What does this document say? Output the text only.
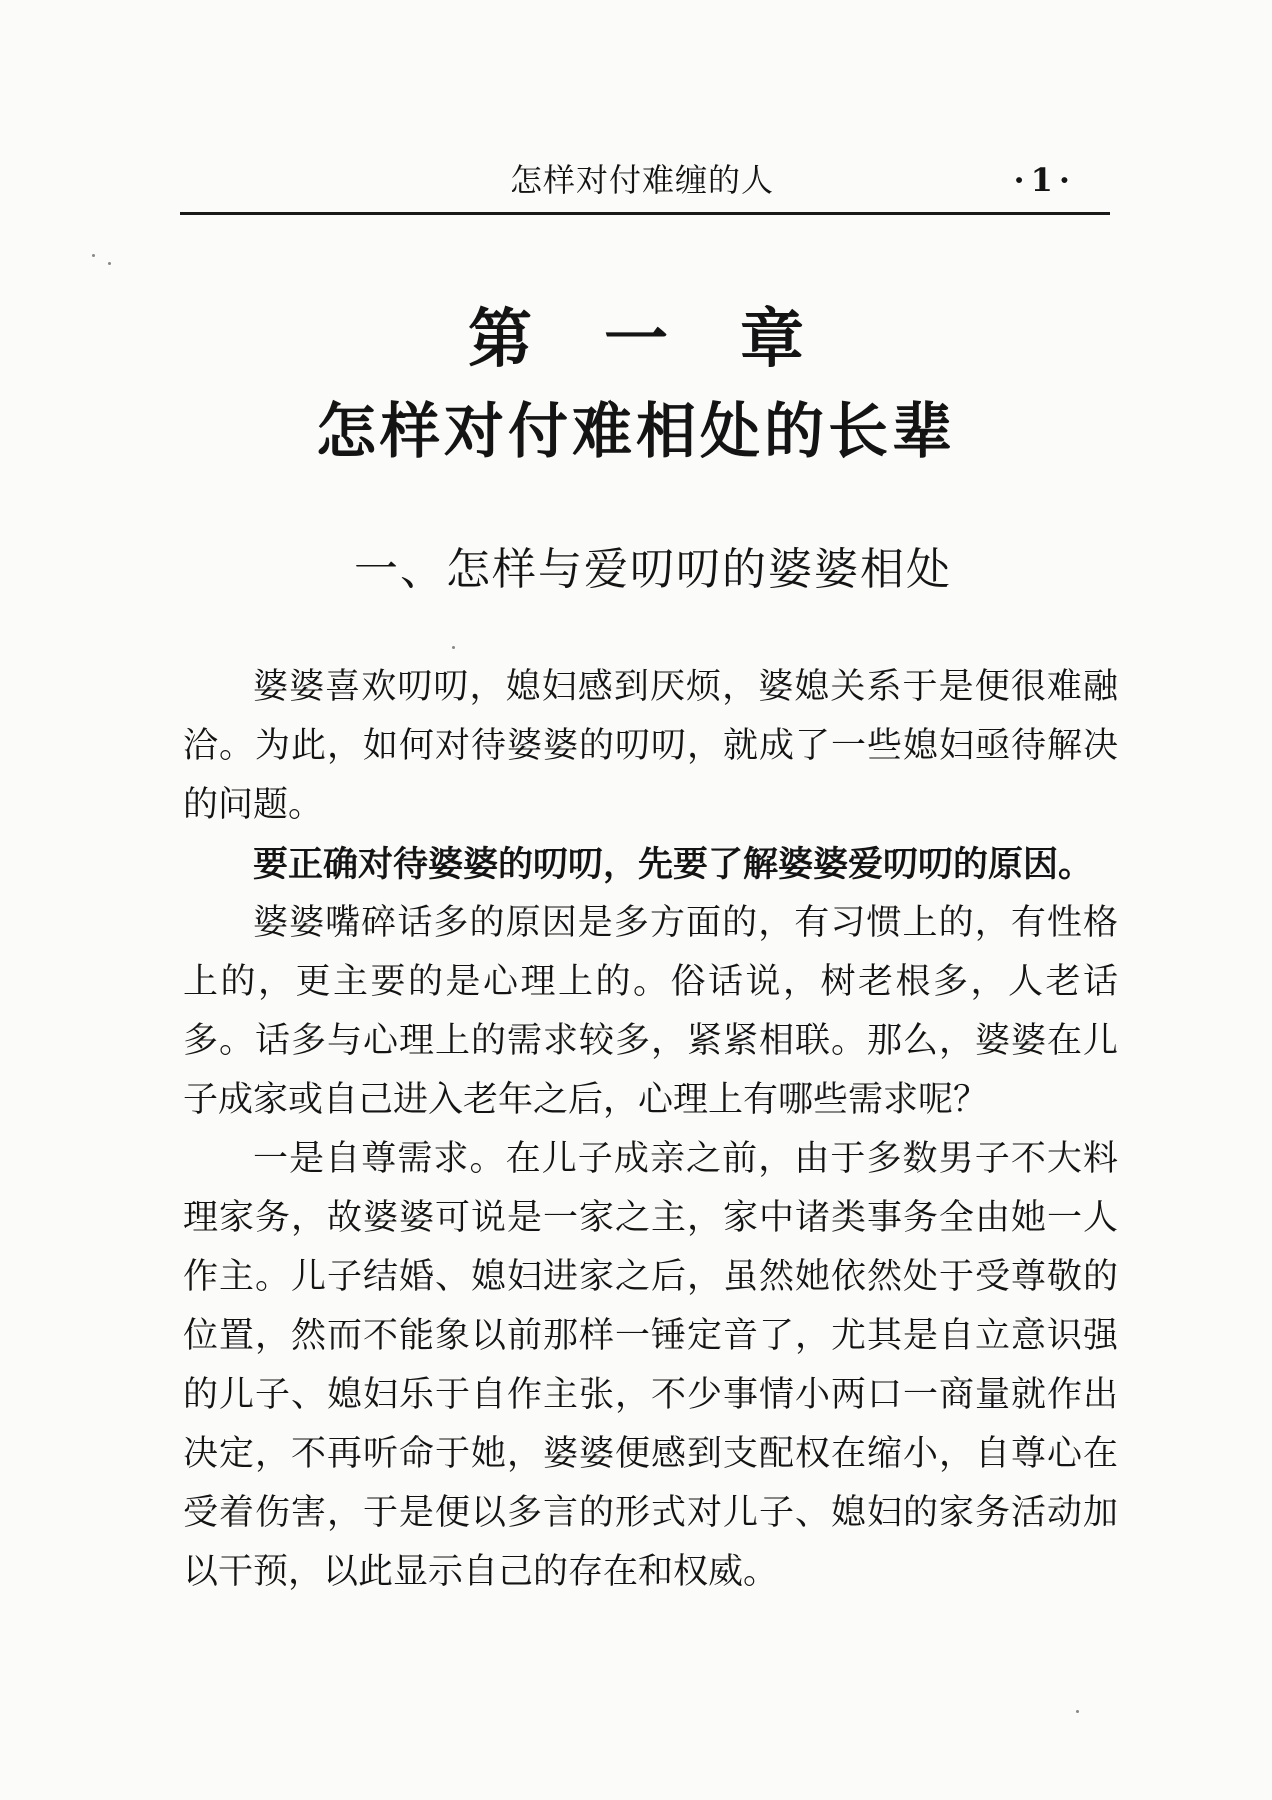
怎样对付难缠的人	·1·
第一章
怎样对付难相处的长辈
一、怎样与爱叨叨的婆婆相处

婆婆喜欢叨叨，媳妇感到厌烦，婆媳关系于是便很难融洽。为此，如何对待婆婆的叨叨，就成了一些媳妇亟待解决的问题。

要正确对待婆婆的叨叨，先要了解婆婆爱叨叨的原因。

婆婆嘴碎话多的原因是多方面的，有习惯上的，有性格上的，更主要的是心理上的。俗话说，树老根多，人老话多。话多与心理上的需求较多，紧紧相联。那么，婆婆在儿子成家或自己进入老年之后，心理上有哪些需求呢？

一是自尊需求。在儿子成亲之前，由于多数男子不大料理家务，故婆婆可说是一家之主，家中诸类事务全由她一人作主。儿子结婚、媳妇进家之后，虽然她依然处于受尊敬的位置，然而不能象以前那样一锤定音了，尤其是自立意识强的儿子、媳妇乐于自作主张，不少事情小两口一商量就作出决定，不再听命于她，婆婆便感到支配权在缩小，自尊心在受着伤害，于是便以多言的形式对儿子、媳妇的家务活动加以干预，以此显示自己的存在和权威。
